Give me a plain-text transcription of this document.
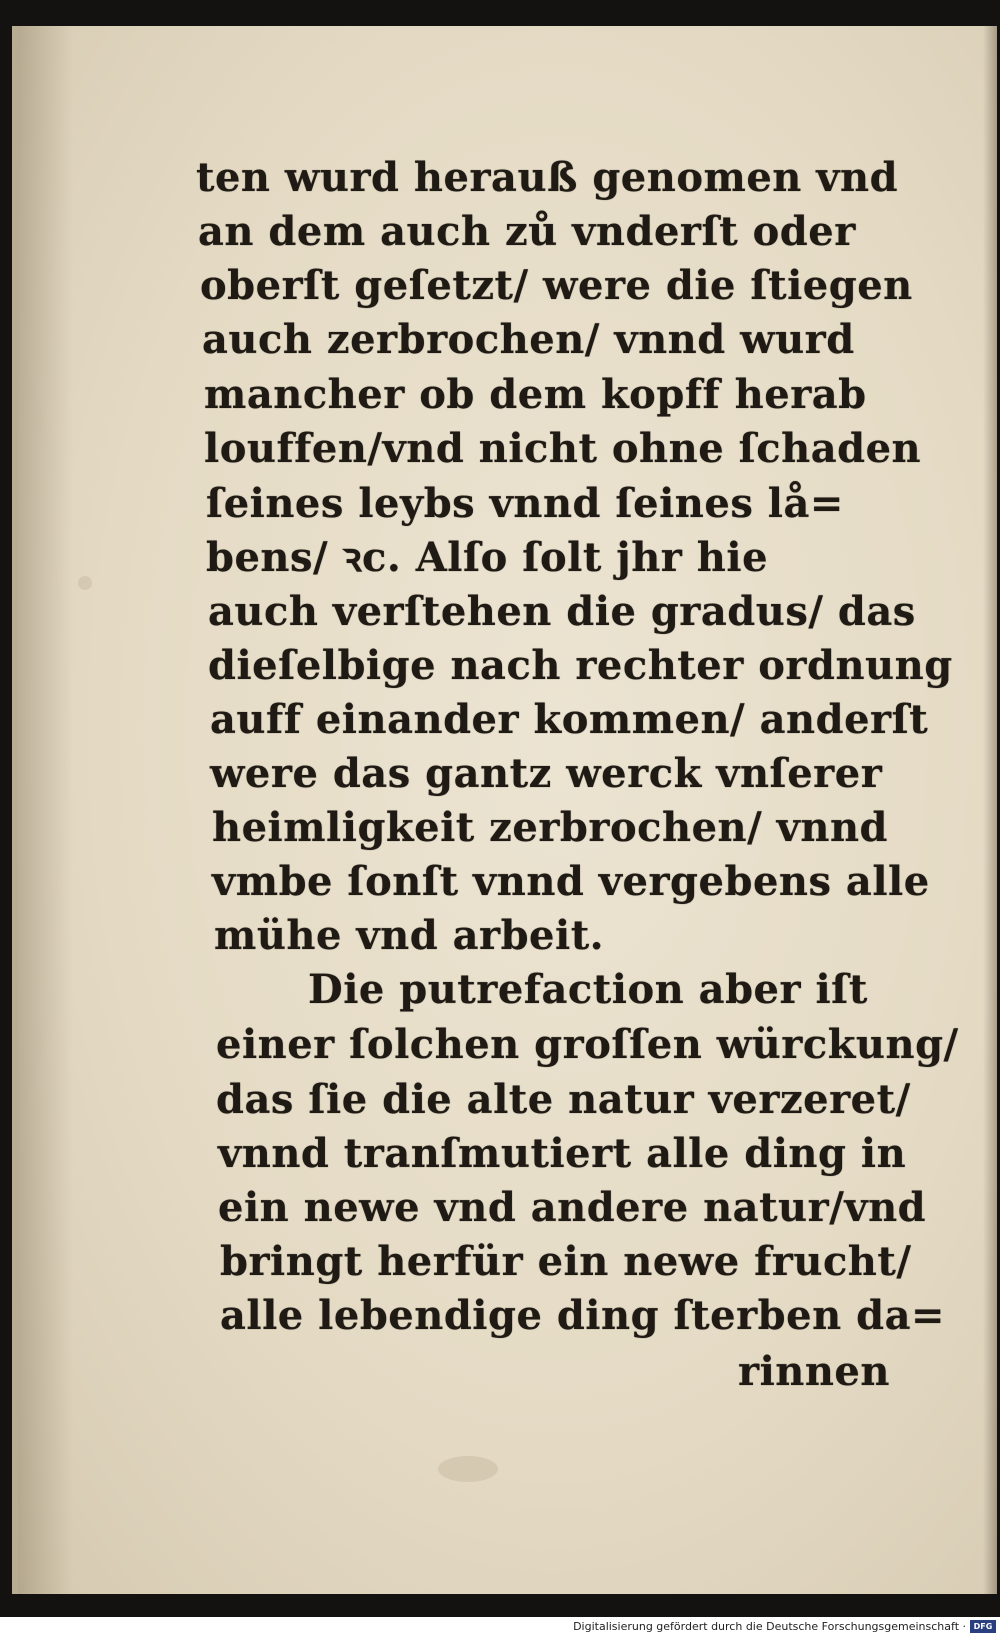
ten wurd herauß genomen vnd
an dem auch zů vnderſt oder
oberſt geſetzt/ were die ſtiegen
auch zerbrochen/ vnnd wurd
mancher ob dem kopff herab
louffen/vnd nicht ohne ſchaden
ſeines leybs vnnd ſeines lå=
bens/ ꝛc. Alſo ſolt jhr hie
auch verſtehen die gradus/ das
dieſelbige nach rechter ordnung
auff einander kommen/ anderſt
were das gantz werck vnſerer
heimligkeit zerbrochen/ vnnd
vmbe ſonſt vnnd vergebens alle
mühe vnd arbeit.
Die putrefaction aber iſt
einer ſolchen groſſen würckung/
das ſie die alte natur verzeret/
vnnd tranſmutiert alle ding in
ein newe vnd andere natur/vnd
bringt herfür ein newe frucht/
alle lebendige ding ſterben da=
rinnen
Digitalisierung gefördert durch die Deutsche Forschungsgemeinschaft · DFG
